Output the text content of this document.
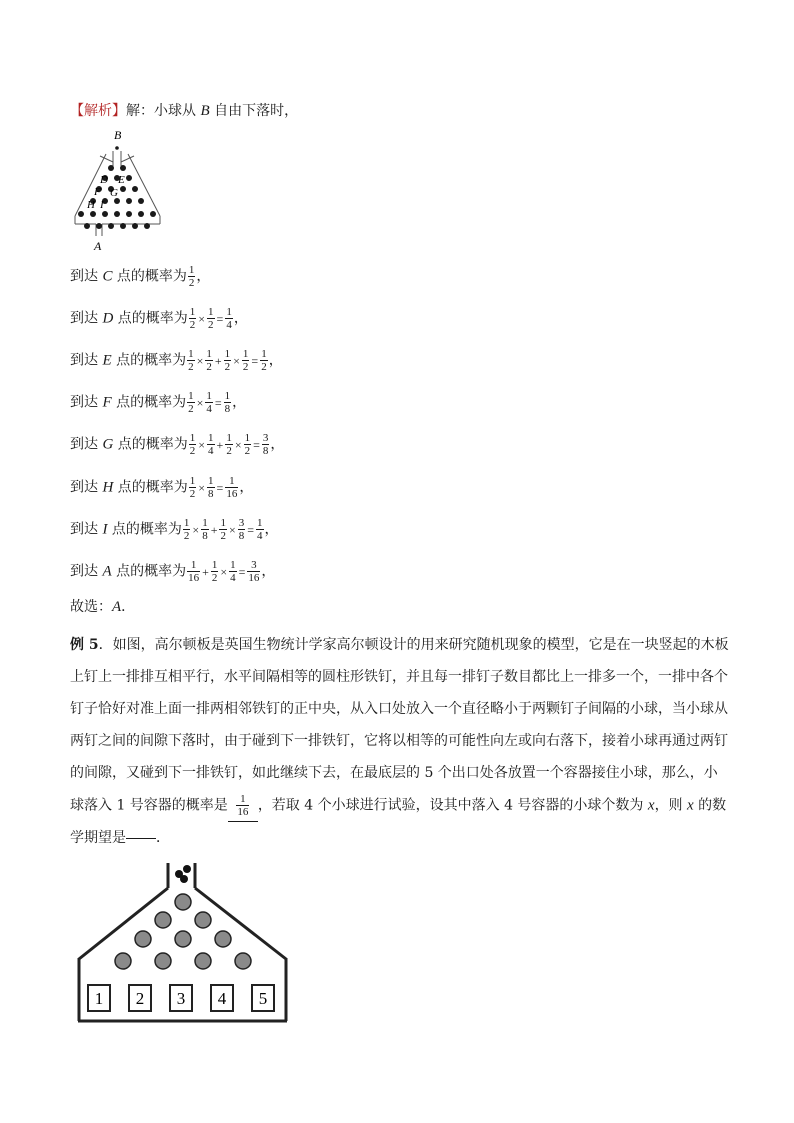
【解析】解：小球从 B 自由下落时，
B
D E
F G
H I
A
到达 C 点的概率为 $\frac{1}{2}$ ，
到达 D 点的概率为 $\frac{1}{2} \times \frac{1}{2} = \frac{1}{4}$ ，
到达 E 点的概率为 $\frac{1}{2} \times \frac{1}{2} + \frac{1}{2} \times \frac{1}{2} = \frac{1}{2}$ ，
到达 F 点的概率为 $\frac{1}{2} \times \frac{1}{4} = \frac{1}{8}$ ，
到达 G 点的概率为 $\frac{1}{2} \times \frac{1}{4} + \frac{1}{2} \times \frac{1}{2} = \frac{3}{8}$ ，
到达 H 点的概率为 $\frac{1}{2} \times \frac{1}{8} = \frac{1}{16}$ ，
到达 I 点的概率为 $\frac{1}{2} \times \frac{1}{8} + \frac{1}{2} \times \frac{3}{8} = \frac{1}{4}$ ，
到达 A 点的概率为 $\frac{1}{16} + \frac{1}{2} \times \frac{1}{4} = \frac{3}{16}$ ，
故选：A．
例 5．如图，高尔顿板是英国生物统计学家高尔顿设计的用来研究随机现象的模型，它是在一块竖起的木板上钉上一排排互相平行，水平间隔相等的圆柱形铁钉，并且每一排钉子数目都比上一排多一个，一排中各个钉子恰好对准上面一排两相邻铁钉的正中央，从入口处放入一个直径略小于两颗钉子间隔的小球，当小球从两钉之间的间隙下落时，由于碰到下一排铁钉，它将以相等的可能性向左或向右落下，接着小球再通过两钉的间隙，又碰到下一排铁钉，如此继续下去，在最底层的 5 个出口处各放置一个容器接住小球，那么，小球落入 1 号容器的概率是 $\frac{1}{16}$ ，若取 4 个小球进行试验，设其中落入 4 号容器的小球个数为 x，则 x 的数学期望是 ．
1 2 3 4 5
